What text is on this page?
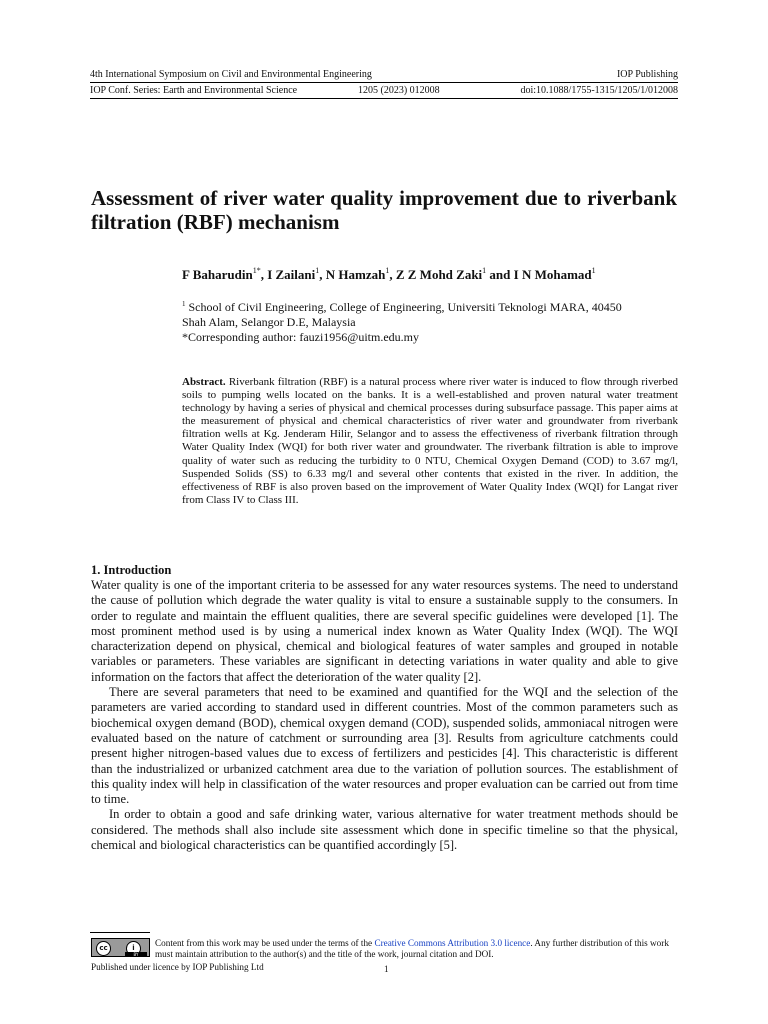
4th International Symposium on Civil and Environmental Engineering	IOP Publishing
IOP Conf. Series: Earth and Environmental Science	1205 (2023) 012008	doi:10.1088/1755-1315/1205/1/012008
Assessment of river water quality improvement due to riverbank filtration (RBF) mechanism
F Baharudin$^{1*}$, I Zailani$^1$, N Hamzah$^1$, Z Z Mohd Zaki$^1$ and I N Mohamad$^1$
$^1$ School of Civil Engineering, College of Engineering, Universiti Teknologi MARA, 40450
Shah Alam, Selangor D.E, Malaysia
*Corresponding author: fauzi1956@uitm.edu.my
Abstract. Riverbank filtration (RBF) is a natural process where river water is induced to flow through riverbed soils to pumping wells located on the banks. It is a well-established and proven natural water treatment technology by having a series of physical and chemical processes during subsurface passage. This paper aims at the measurement of physical and chemical characteristics of river water and groundwater from riverbank filtration wells at Kg. Jenderam Hilir, Selangor and to assess the effectiveness of riverbank filtration through Water Quality Index (WQI) for both river water and groundwater. The riverbank filtration is able to improve quality of water such as reducing the turbidity to 0 NTU, Chemical Oxygen Demand (COD) to 3.67 mg/l, Suspended Solids (SS) to 6.33 mg/l and several other contents that existed in the river. In addition, the effectiveness of RBF is also proven based on the improvement of Water Quality Index (WQI) for Langat river from Class IV to Class III.
1. Introduction

Water quality is one of the important criteria to be assessed for any water resources systems. The need to understand the cause of pollution which degrade the water quality is vital to ensure a sustainable supply to the consumers. In order to regulate and maintain the effluent qualities, there are several specific guidelines were developed [1]. The most prominent method used is by using a numerical index known as Water Quality Index (WQI). The WQI characterization depend on physical, chemical and biological features of water samples and grouped in notable variables or parameters. These variables are significant in detecting variations in water quality and able to give information on the factors that affect the deterioration of the water quality [2].

There are several parameters that need to be examined and quantified for the WQI and the selection of the parameters are varied according to standard used in different countries. Most of the common parameters such as biochemical oxygen demand (BOD), chemical oxygen demand (COD), suspended solids, ammoniacal nitrogen were evaluated based on the nature of catchment or surrounding area [3]. Results from agriculture catchments could present higher nitrogen-based values due to excess of fertilizers and pesticides [4]. This characteristic is different than the industrialized or urbanized catchment area due to the variation of pollution sources. The establishment of this quality index will help in classification of the water resources and proper evaluation can be carried out from time to time.

In order to obtain a good and safe drinking water, various alternative for water treatment methods should be considered. The methods shall also include site assessment which done in specific timeline so that the physical, chemical and biological characteristics can be quantified accordingly [5].

cc	i
BY
Content from this work may be used under the terms of the Creative Commons Attribution 3.0 licence. Any further distribution of this work must maintain attribution to the author(s) and the title of the work, journal citation and DOI.
Published under licence by IOP Publishing Ltd	1
